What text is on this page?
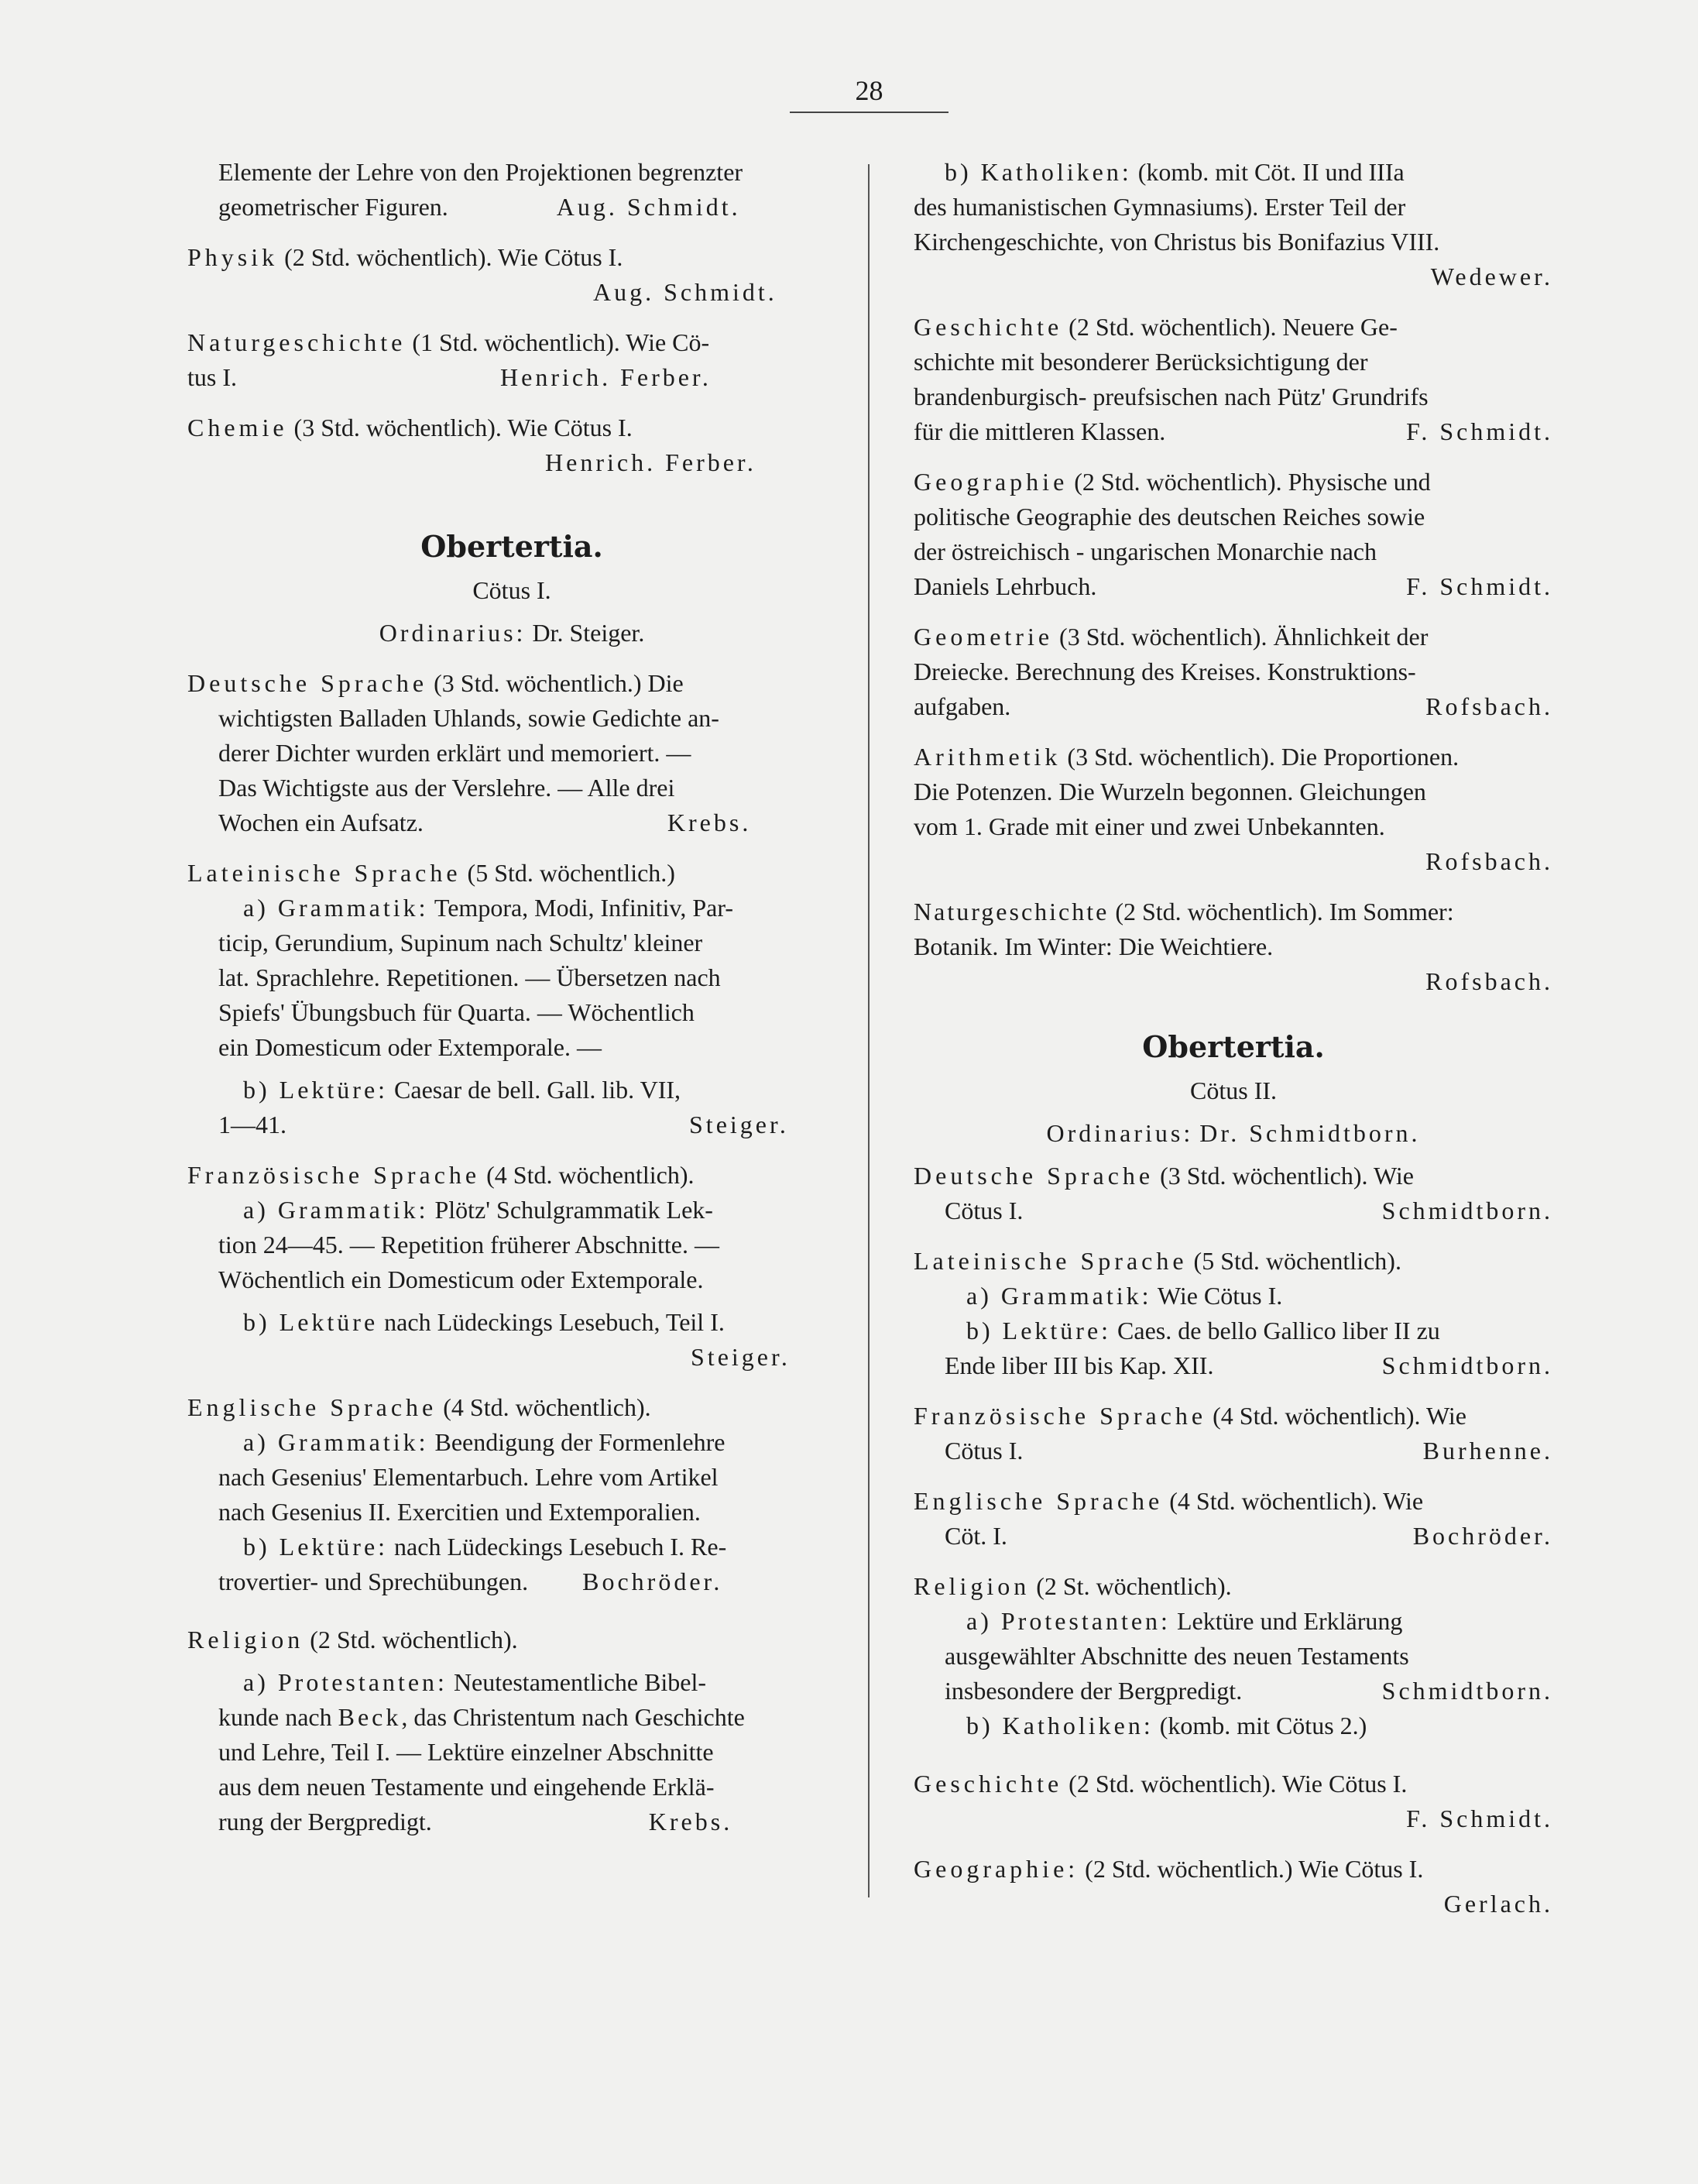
28
Elemente der Lehre von den Projektionen begrenzter
geometrischer Figuren.	Aug. Schmidt.
Physik (2 Std. wöchentlich). Wie Cötus I.
Aug. Schmidt.
Naturgeschichte (1 Std. wöchentlich). Wie Cö-
tus I.	Henrich. Ferber.
Chemie (3 Std. wöchentlich). Wie Cötus I.
Henrich. Ferber.
Obertertia.
Cötus I.
Ordinarius: Dr. Steiger.
Deutsche Sprache (3 Std. wöchentlich.) Die
wichtigsten Balladen Uhlands, sowie Gedichte an-
derer Dichter wurden erklärt und memoriert. —
Das Wichtigste aus der Verslehre. — Alle drei
Wochen ein Aufsatz.	Krebs.
Lateinische Sprache (5 Std. wöchentlich.)
a) Grammatik: Tempora, Modi, Infinitiv, Par-
ticip, Gerundium, Supinum nach Schultz' kleiner
lat. Sprachlehre. Repetitionen. — Übersetzen nach
Spiefs' Übungsbuch für Quarta. — Wöchentlich
ein Domesticum oder Extemporale. —
b) Lektüre: Caesar de bell. Gall. lib. VII,
1—41.	Steiger.
Französische Sprache (4 Std. wöchentlich).
a) Grammatik: Plötz' Schulgrammatik Lek-
tion 24—45. — Repetition früherer Abschnitte. —
Wöchentlich ein Domesticum oder Extemporale.
b) Lektüre nach Lüdeckings Lesebuch, Teil I.
Steiger.
Englische Sprache (4 Std. wöchentlich).
a) Grammatik: Beendigung der Formenlehre
nach Gesenius' Elementarbuch. Lehre vom Artikel
nach Gesenius II. Exercitien und Extemporalien.
b) Lektüre: nach Lüdeckings Lesebuch I. Re-
trovertier- und Sprechübungen. Bochröder.
Religion (2 Std. wöchentlich).
a) Protestanten: Neutestamentliche Bibel-
kunde nach Beck, das Christentum nach Geschichte
und Lehre, Teil I. — Lektüre einzelner Abschnitte
aus dem neuen Testamente und eingehende Erklä-
rung der Bergpredigt.	Krebs.
b) Katholiken: (komb. mit Cöt. II und IIIa
des humanistischen Gymnasiums). Erster Teil der
Kirchengeschichte, von Christus bis Bonifazius VIII.
Wedewer.
Geschichte (2 Std. wöchentlich). Neuere Ge-
schichte mit besonderer Berücksichtigung der
brandenburgisch- preufsischen nach Pütz' Grundrifs
für die mittleren Klassen.	F. Schmidt.
Geographie (2 Std. wöchentlich). Physische und
politische Geographie des deutschen Reiches sowie
der östreichisch - ungarischen Monarchie nach
Daniels Lehrbuch.	F. Schmidt.
Geometrie (3 Std. wöchentlich). Ähnlichkeit der
Dreiecke. Berechnung des Kreises. Konstruktions-
aufgaben.	Rofsbach.
Arithmetik (3 Std. wöchentlich). Die Proportionen.
Die Potenzen. Die Wurzeln begonnen. Gleichungen
vom 1. Grade mit einer und zwei Unbekannten.
Rofsbach.
Naturgeschichte (2 Std. wöchentlich). Im Sommer:
Botanik. Im Winter: Die Weichtiere.
Rofsbach.
Obertertia.
Cötus II.
Ordinarius: Dr. Schmidtborn.
Deutsche Sprache (3 Std. wöchentlich). Wie
Cötus I.	Schmidtborn.
Lateinische Sprache (5 Std. wöchentlich).
a) Grammatik: Wie Cötus I.
b) Lektüre: Caes. de bello Gallico liber II zu
Ende liber III bis Kap. XII.	Schmidtborn.
Französische Sprache (4 Std. wöchentlich). Wie
Cötus I.	Burhenne.
Englische Sprache (4 Std. wöchentlich). Wie
Cöt. I.	Bochröder.
Religion (2 St. wöchentlich).
a) Protestanten: Lektüre und Erklärung
ausgewählter Abschnitte des neuen Testaments
insbesondere der Bergpredigt.	Schmidtborn.
b) Katholiken: (komb. mit Cötus 2.)
Geschichte (2 Std. wöchentlich). Wie Cötus I.
F. Schmidt.
Geographie: (2 Std. wöchentlich.) Wie Cötus I.
Gerlach.
